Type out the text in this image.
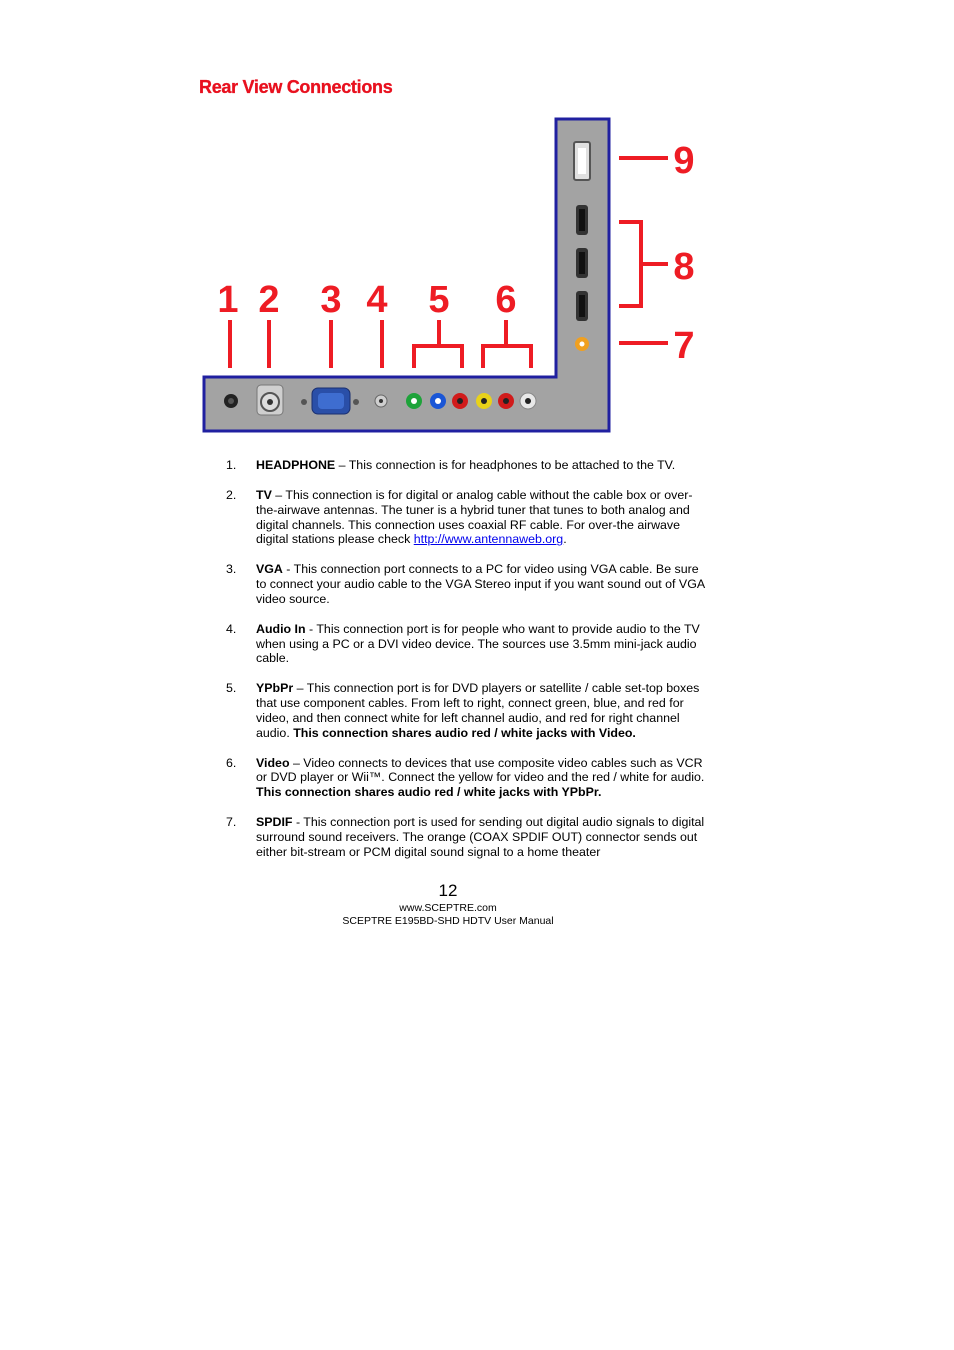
Rear View Connections
1 2 3 4 5 6
7
8
9
1. HEADPHONE – This connection is for headphones to be attached to the TV.
2. TV – This connection is for digital or analog cable without the cable box or over-the-airwave antennas. The tuner is a hybrid tuner that tunes to both analog and digital channels. This connection uses coaxial RF cable. For over-the airwave digital stations please check http://www.antennaweb.org.
3. VGA - This connection port connects to a PC for video using VGA cable. Be sure to connect your audio cable to the VGA Stereo input if you want sound out of VGA video source.
4. Audio In - This connection port is for people who want to provide audio to the TV when using a PC or a DVI video device. The sources use 3.5mm mini-jack audio cable.
5. YPbPr – This connection port is for DVD players or satellite / cable set-top boxes that use component cables. From left to right, connect green, blue, and red for video, and then connect white for left channel audio, and red for right channel audio. This connection shares audio red / white jacks with Video.
6. Video – Video connects to devices that use composite video cables such as VCR or DVD player or Wii™. Connect the yellow for video and the red / white for audio. This connection shares audio red / white jacks with YPbPr.
7. SPDIF - This connection port is used for sending out digital audio signals to digital surround sound receivers. The orange (COAX SPDIF OUT) connector sends out either bit-stream or PCM digital sound signal to a home theater
12
www.SCEPTRE.com
SCEPTRE E195BD-SHD HDTV User Manual
